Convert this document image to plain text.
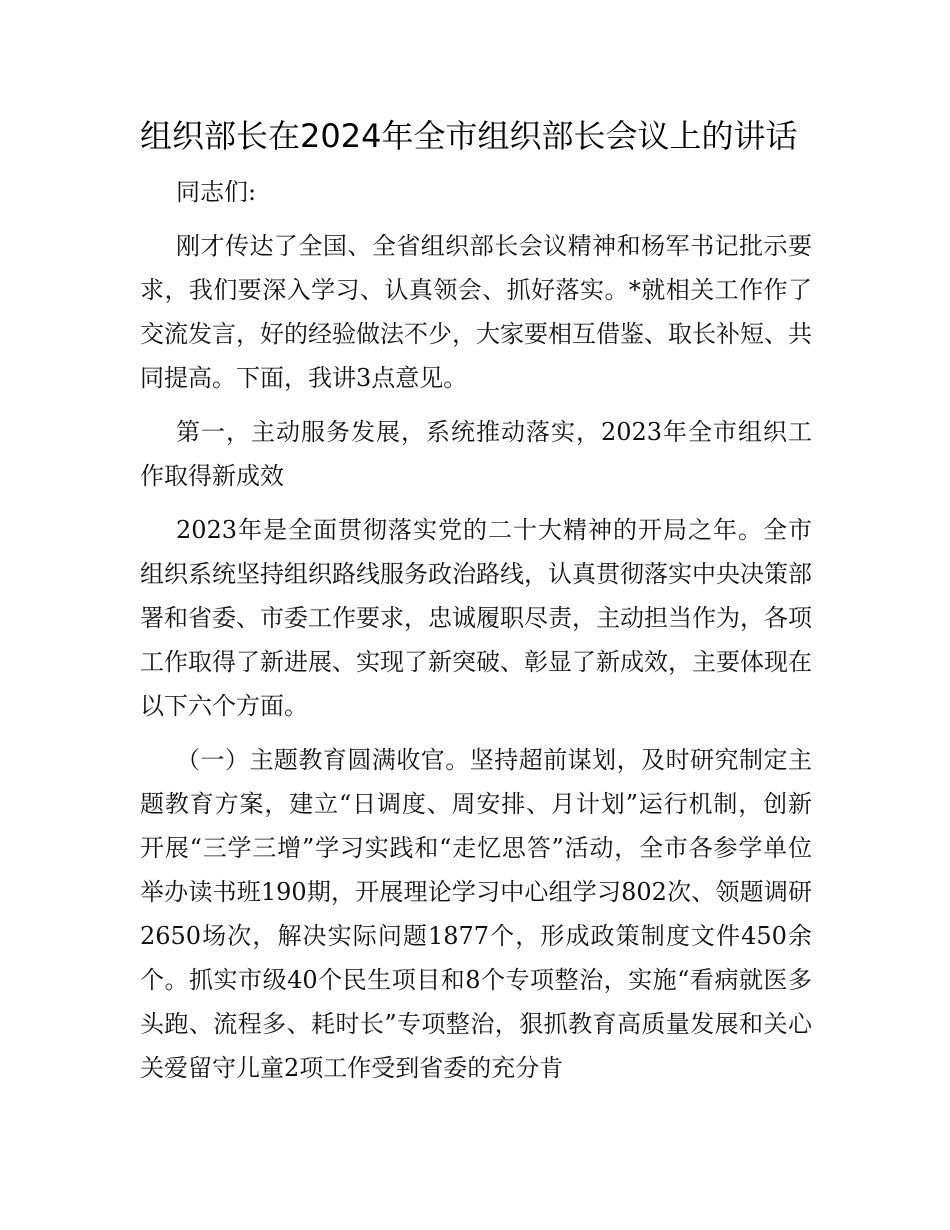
组织部长在2024年全市组织部长会议上的讲话

同志们:

刚才传达了全国、全省组织部长会议精神和杨军书记批示要求，我们要深入学习、认真领会、抓好落实。*就相关工作作了交流发言，好的经验做法不少，大家要相互借鉴、取长补短、共同提高。下面，我讲3点意见。

第一，主动服务发展，系统推动落实，2023年全市组织工作取得新成效

2023年是全面贯彻落实党的二十大精神的开局之年。全市组织系统坚持组织路线服务政治路线，认真贯彻落实中央决策部署和省委、市委工作要求，忠诚履职尽责，主动担当作为，各项工作取得了新进展、实现了新突破、彰显了新成效，主要体现在以下六个方面。

（一）主题教育圆满收官。坚持超前谋划，及时研究制定主题教育方案，建立“日调度、周安排、月计划”运行机制，创新开展“三学三增”学习实践和“走忆思答”活动，全市各参学单位举办读书班190期，开展理论学习中心组学习802次、领题调研2650场次，解决实际问题1877个，形成政策制度文件450余个。抓实市级40个民生项目和8个专项整治，实施“看病就医多头跑、流程多、耗时长”专项整治，狠抓教育高质量发展和关心关爱留守儿童2项工作受到省委的充分肯
